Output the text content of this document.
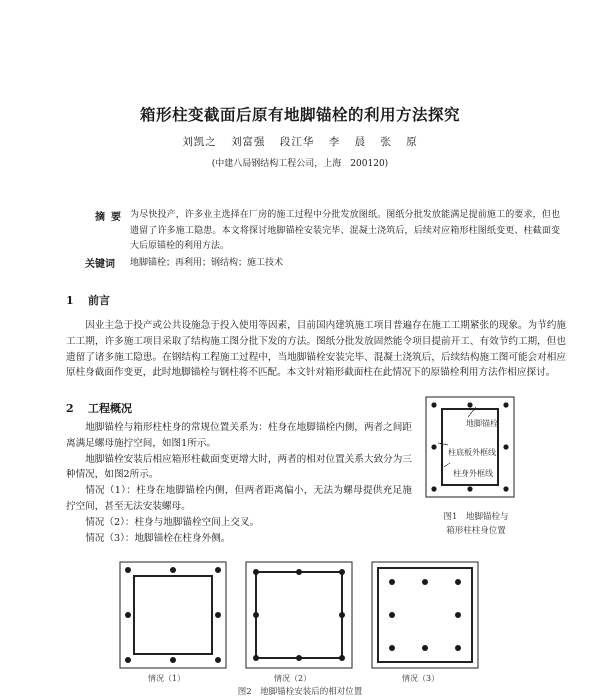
箱形柱变截面后原有地脚锚栓的利用方法探究
刘凯之 刘富强 段江华 李 晨 张 原
(中建八局钢结构工程公司，上海　200120)
摘要 为尽快投产，许多业主选择在厂房的施工过程中分批发放图纸。图纸分批发放能满足提前施工的要求，但也遗留了许多施工隐患。本文将探讨地脚锚栓安装完毕、混凝土浇筑后，后续对应箱形柱图纸变更、柱截面变大后原锚栓的利用方法。
关键词 地脚锚栓；再利用；钢结构；施工技术
1 前言

因业主急于投产或公共设施急于投入使用等因素，目前国内建筑施工项目普遍存在施工工期紧张的现象。为节约施工工期，许多施工项目采取了结构施工图分批下发的方法。图纸分批发放固然能令项目提前开工、有效节约工期，但也遗留了诸多施工隐患。在钢结构工程施工过程中，当地脚锚栓安装完毕、混凝土浇筑后，后续结构施工图可能会对相应原柱身截面作变更，此时地脚锚栓与钢柱将不匹配。本文针对箱形截面柱在此情况下的原锚栓利用方法作相应探讨。

2 工程概况

地脚锚栓与箱形柱柱身的常规位置关系为：柱身在地脚锚栓内侧，两者之间距离满足螺母施拧空间，如图1所示。

地脚锚栓安装后相应箱形柱截面变更增大时，两者的相对位置关系大致分为三种情况，如图2所示。

情况（1）：柱身在地脚锚栓内侧，但两者距离偏小，无法为螺母提供充足施拧空间，甚至无法安装螺母。

情况（2）：柱身与地脚锚栓空间上交叉。

情况（3）：地脚锚栓在柱身外侧。

地脚锚栓
柱底板外框线
柱身外框线
图1　地脚锚栓与
箱形柱柱身位置
情况（1）	情况（2）	情况（3）
图2　地脚锚栓安装后的相对位置
